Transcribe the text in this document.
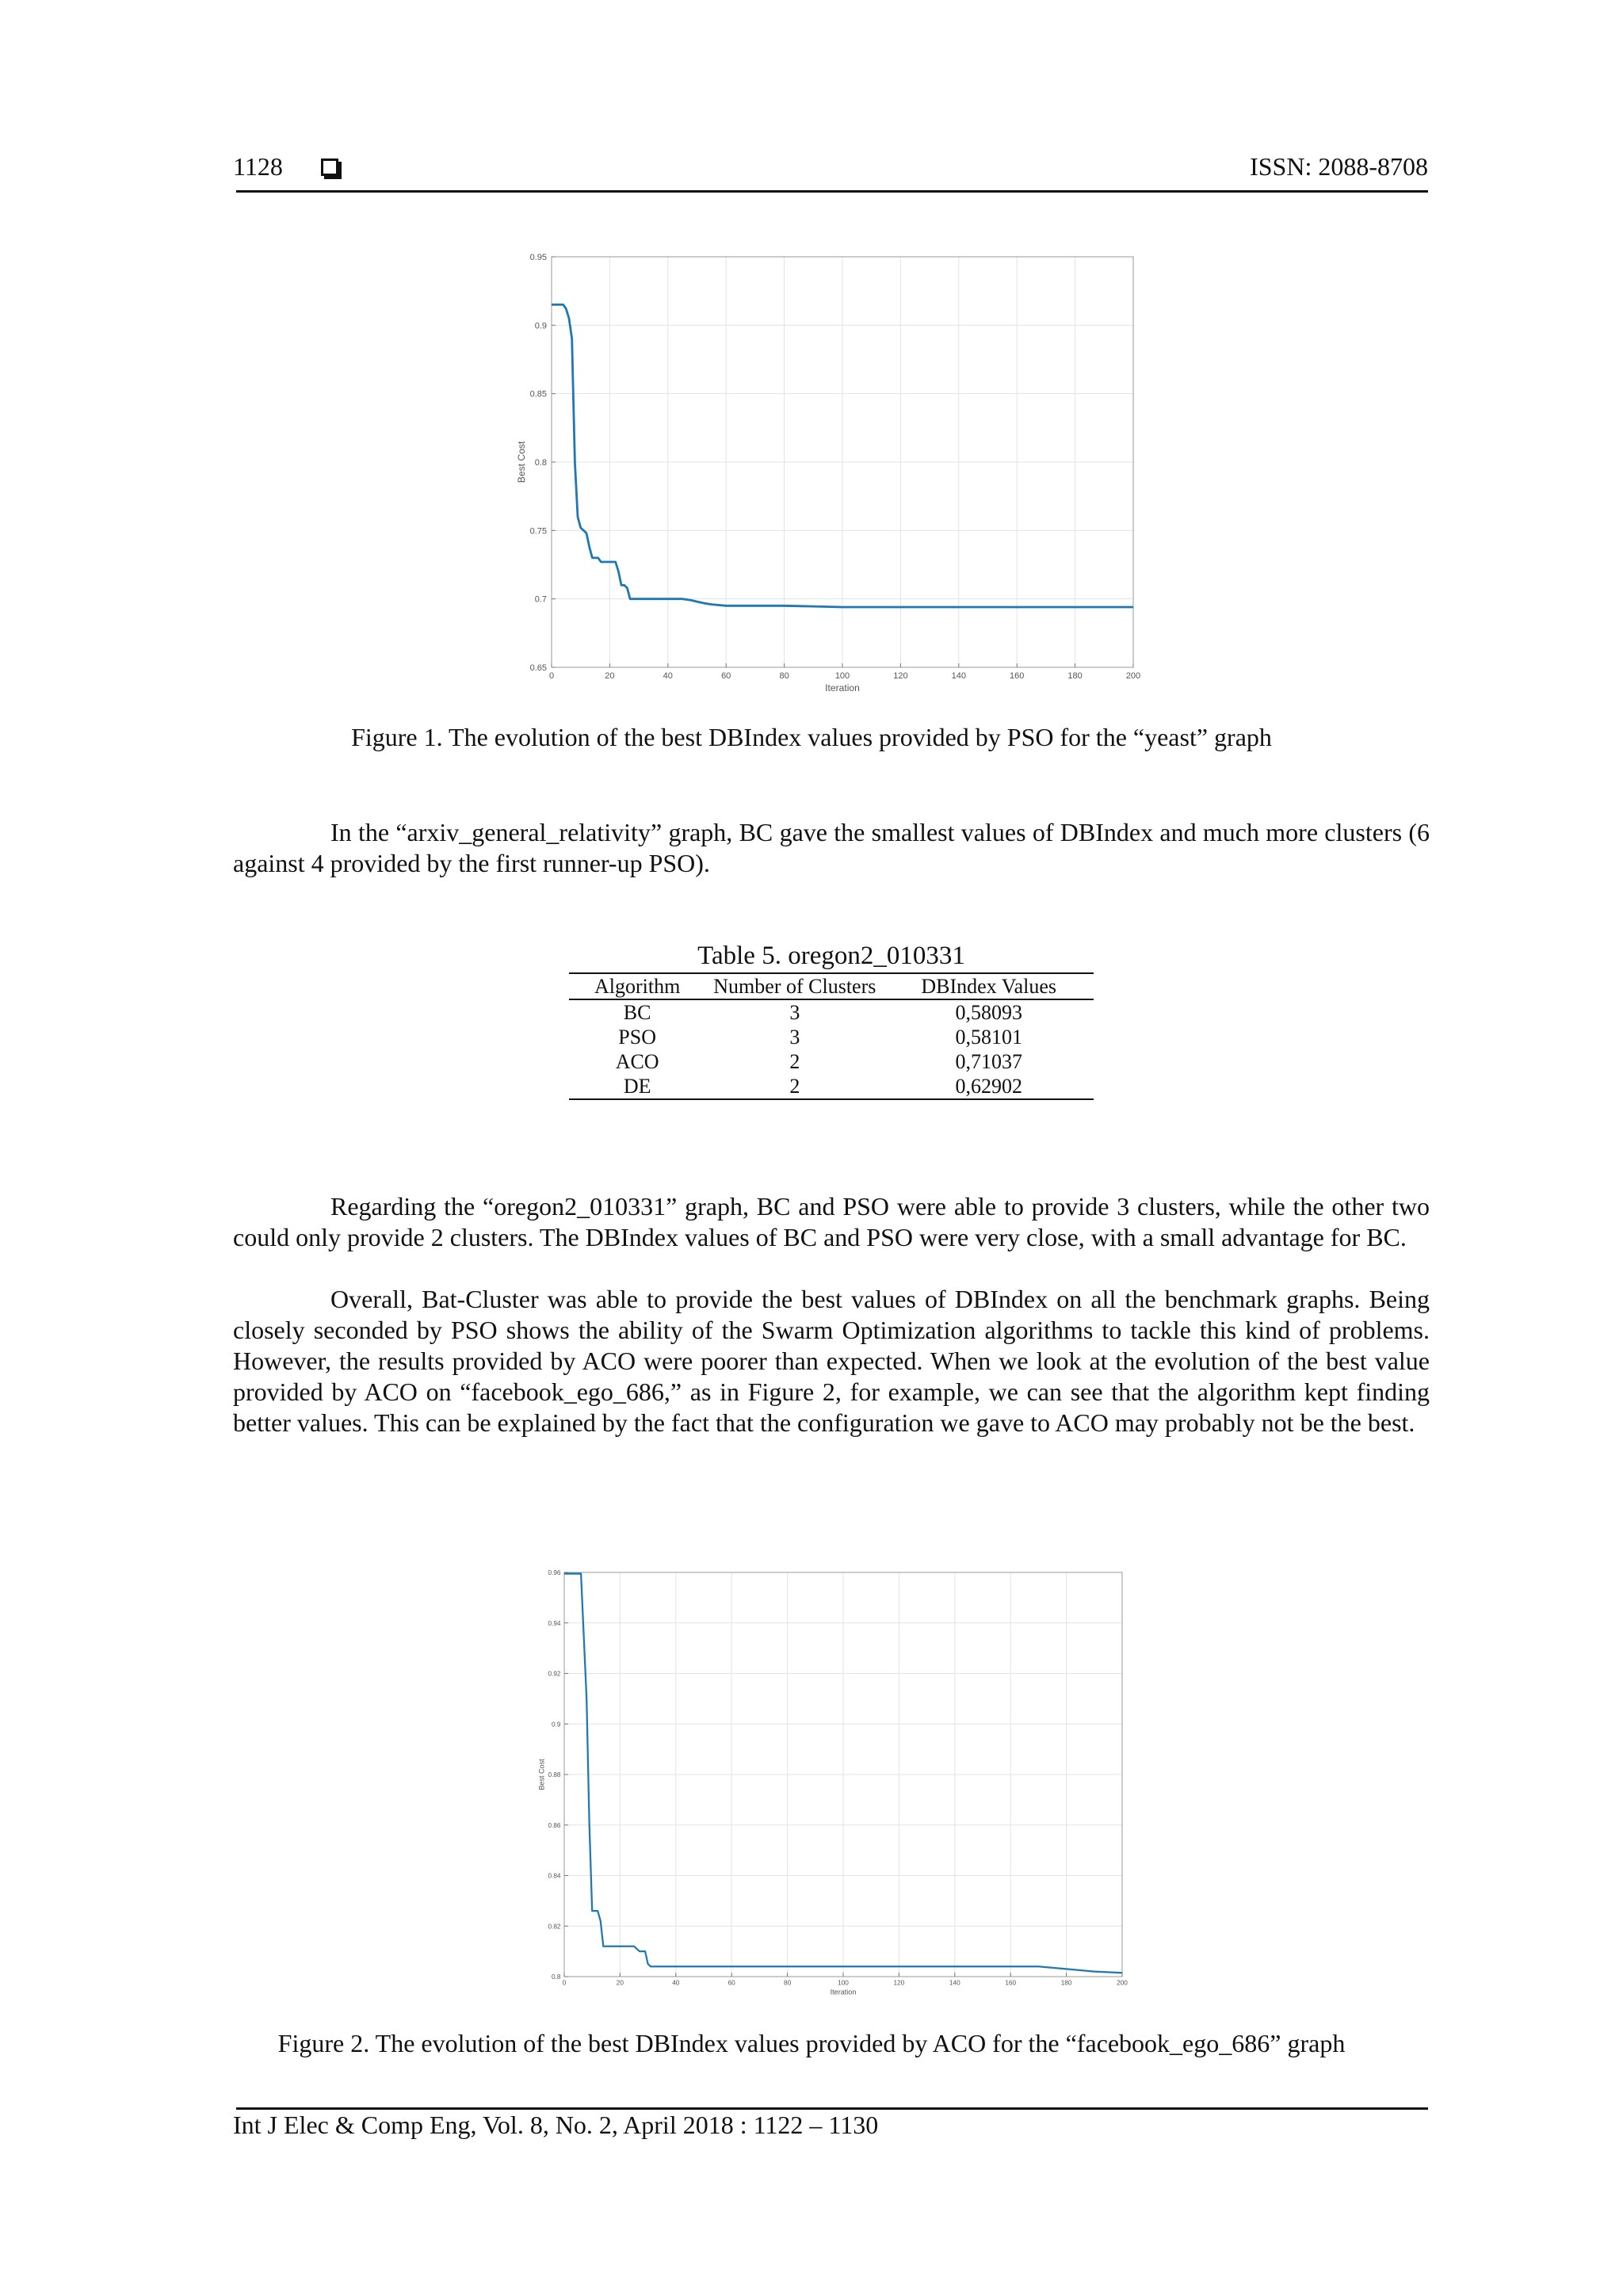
1128	ISSN: 2088-8708
0	20	40	60	80	100	120	140	160	180	200
0.65
0.7
0.75
0.8
0.85
0.9
0.95
Iteration
Best Cost
Figure 1. The evolution of the best DBIndex values provided by PSO for the “yeast” graph
In the “arxiv_general_relativity” graph, BC gave the smallest values of DBIndex and much more clusters (6 against 4 provided by the first runner-up PSO).
Table 5. oregon2_010331
Algorithm	Number of Clusters	DBIndex Values
BC	3	0,58093
PSO	3	0,58101
ACO	2	0,71037
DE	2	0,62902
Regarding the “oregon2_010331” graph, BC and PSO were able to provide 3 clusters, while the other two could only provide 2 clusters. The DBIndex values of BC and PSO were very close, with a small advantage for BC.
Overall, Bat-Cluster was able to provide the best values of DBIndex on all the benchmark graphs. Being closely seconded by PSO shows the ability of the Swarm Optimization algorithms to tackle this kind of problems. However, the results provided by ACO were poorer than expected. When we look at the evolution of the best value provided by ACO on “facebook_ego_686,” as in Figure 2, for example, we can see that the algorithm kept finding better values. This can be explained by the fact that the configuration we gave to ACO may probably not be the best.
0	20	40	60	80	100	120	140	160	180	200
0.8
0.82
0.84
0.86
0.88
0.9
0.92
0.94
0.96
Iteration
Best Cost
Figure 2. The evolution of the best DBIndex values provided by ACO for the “facebook_ego_686” graph
Int J Elec & Comp Eng, Vol. 8, No. 2, April 2018 : 1122 – 1130
